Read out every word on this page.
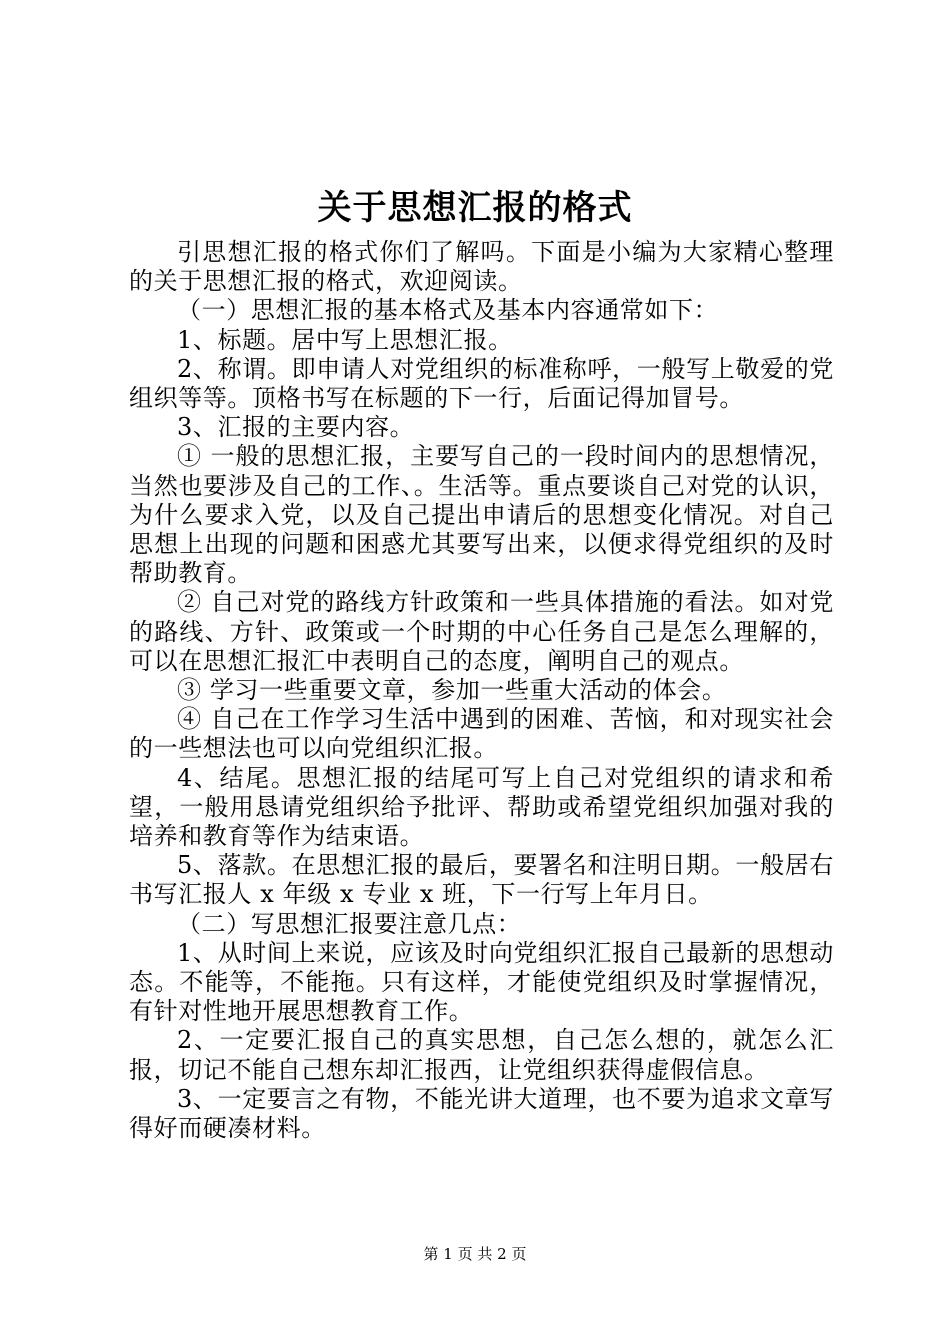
关于思想汇报的格式

引思想汇报的格式你们了解吗。下面是小编为大家精心整理的关于思想汇报的格式，欢迎阅读。

（一）思想汇报的基本格式及基本内容通常如下：

1、标题。居中写上思想汇报。

2、称谓。即申请人对党组织的标准称呼，一般写上敬爱的党组织等等。顶格书写在标题的下一行，后面记得加冒号。

3、汇报的主要内容。

① 一般的思想汇报，主要写自己的一段时间内的思想情况，当然也要涉及自己的工作、。生活等。重点要谈自己对党的认识，为什么要求入党，以及自己提出申请后的思想变化情况。对自己思想上出现的问题和困惑尤其要写出来，以便求得党组织的及时帮助教育。

② 自己对党的路线方针政策和一些具体措施的看法。如对党的路线、方针、政策或一个时期的中心任务自己是怎么理解的，可以在思想汇报汇中表明自己的态度，阐明自己的观点。

③ 学习一些重要文章，参加一些重大活动的体会。

④ 自己在工作学习生活中遇到的困难、苦恼，和对现实社会的一些想法也可以向党组织汇报。

4、结尾。思想汇报的结尾可写上自己对党组织的请求和希望，一般用恳请党组织给予批评、帮助或希望党组织加强对我的培养和教育等作为结束语。

5、落款。在思想汇报的最后，要署名和注明日期。一般居右书写汇报人 x 年级 x 专业 x 班，下一行写上年月日。

（二）写思想汇报要注意几点：

1、从时间上来说，应该及时向党组织汇报自己最新的思想动态。不能等，不能拖。只有这样，才能使党组织及时掌握情况，有针对性地开展思想教育工作。

2、一定要汇报自己的真实思想，自己怎么想的，就怎么汇报，切记不能自己想东却汇报西，让党组织获得虚假信息。

3、一定要言之有物，不能光讲大道理，也不要为追求文章写得好而硬凑材料。

第 1 页 共 2 页
